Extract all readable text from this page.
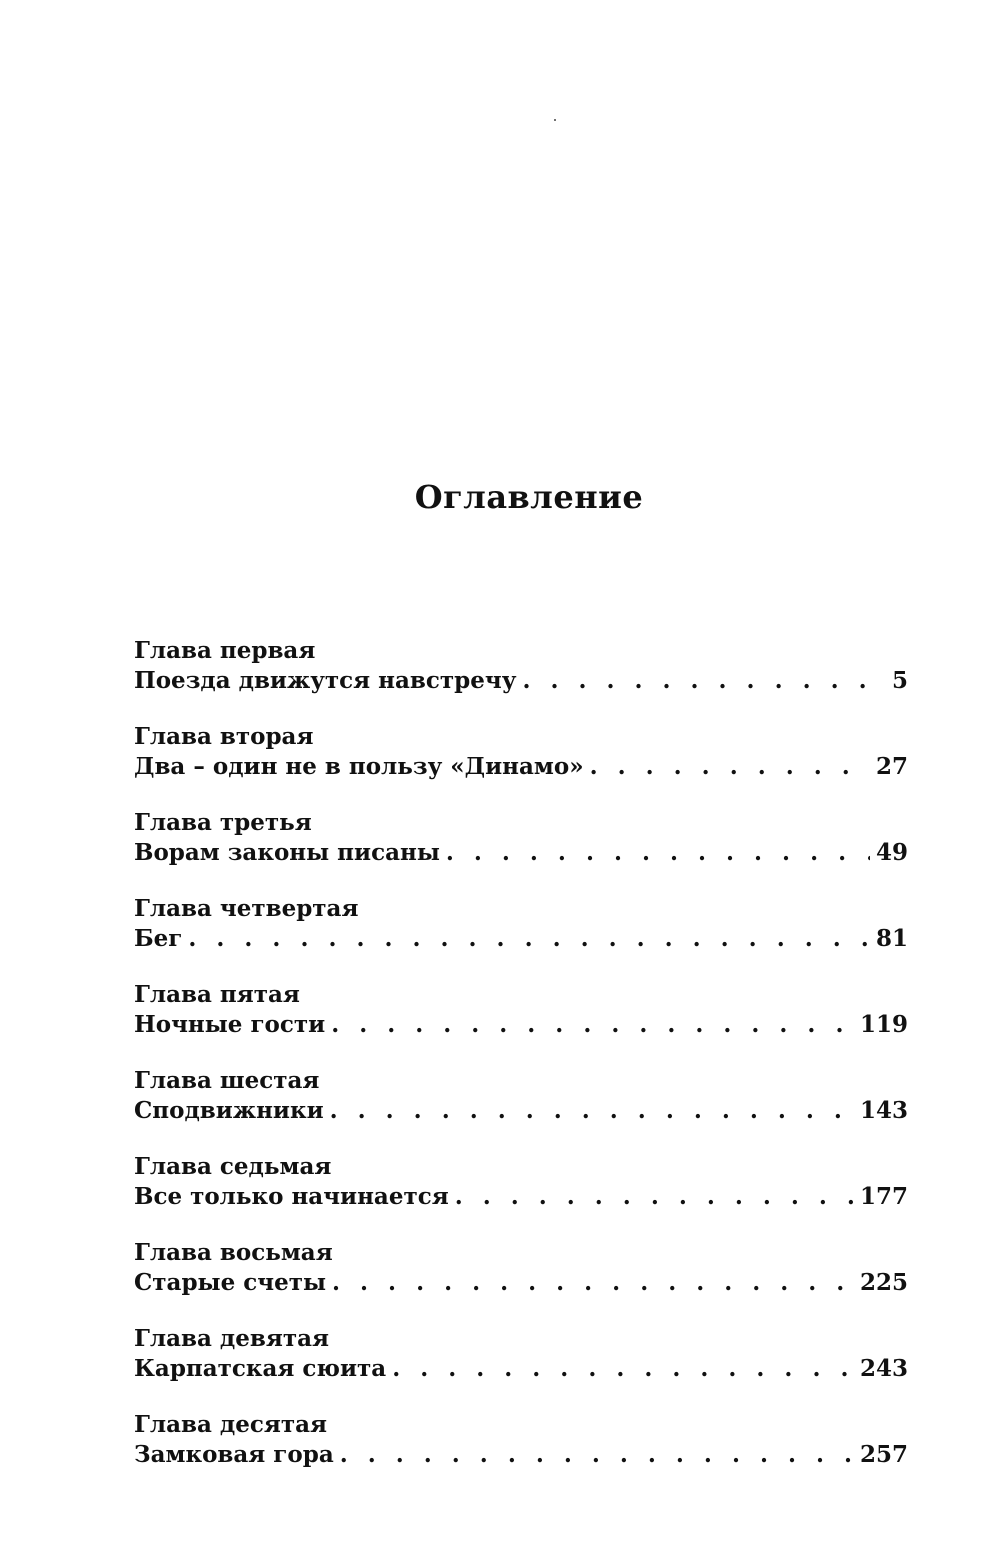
Оглавление
Глава первая
Поезда движутся навстречу . . .	5
Глава вторая
Два – один не в пользу «Динамо» . . .	27
Глава третья
Ворам законы писаны . . .	49
Глава четвертая
Бег . . .	81
Глава пятая
Ночные гости . . .	119
Глава шестая
Сподвижники . . .	143
Глава седьмая
Все только начинается . . .	177
Глава восьмая
Старые счеты . . .	225
Глава девятая
Карпатская сюита . . .	243
Глава десятая
Замковая гора . . .	257
